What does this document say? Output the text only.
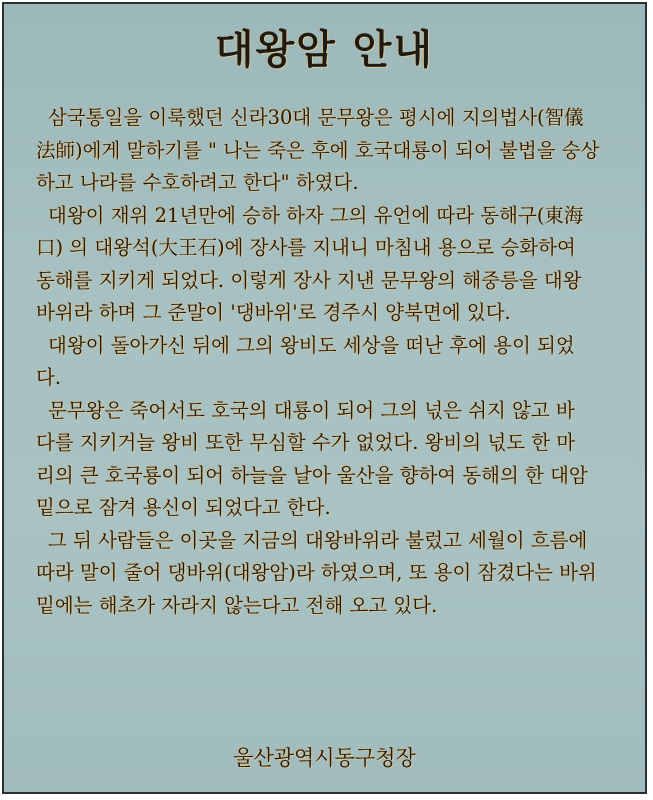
대왕암 안내
삼국통일을 이룩했던 신라30대 문무왕은 평시에 지의법사(智儀
法師)에게 말하기를 " 나는 죽은 후에 호국대룡이 되어 불법을 숭상
하고 나라를 수호하려고 한다" 하였다.
대왕이 재위 21년만에 승하 하자 그의 유언에 따라 동해구(東海
口) 의 대왕석(大王石)에 장사를 지내니 마침내 용으로 승화하여
동해를 지키게 되었다. 이렇게 장사 지낸 문무왕의 해중릉을 대왕
바위라 하며 그 준말이 '댕바위'로 경주시 양북면에 있다.
대왕이 돌아가신 뒤에 그의 왕비도 세상을 떠난 후에 용이 되었
다.
문무왕은 죽어서도 호국의 대룡이 되어 그의 넋은 쉬지 않고 바
다를 지키거늘 왕비 또한 무심할 수가 없었다. 왕비의 넋도 한 마
리의 큰 호국룡이 되어 하늘을 날아 울산을 향하여 동해의 한 대암
밑으로 잠겨 용신이 되었다고 한다.
그 뒤 사람들은 이곳을 지금의 대왕바위라 불렀고 세월이 흐름에
따라 말이 줄어 댕바위(대왕암)라 하였으며, 또 용이 잠겼다는 바위
밑에는 해초가 자라지 않는다고 전해 오고 있다.
울산광역시동구청장
